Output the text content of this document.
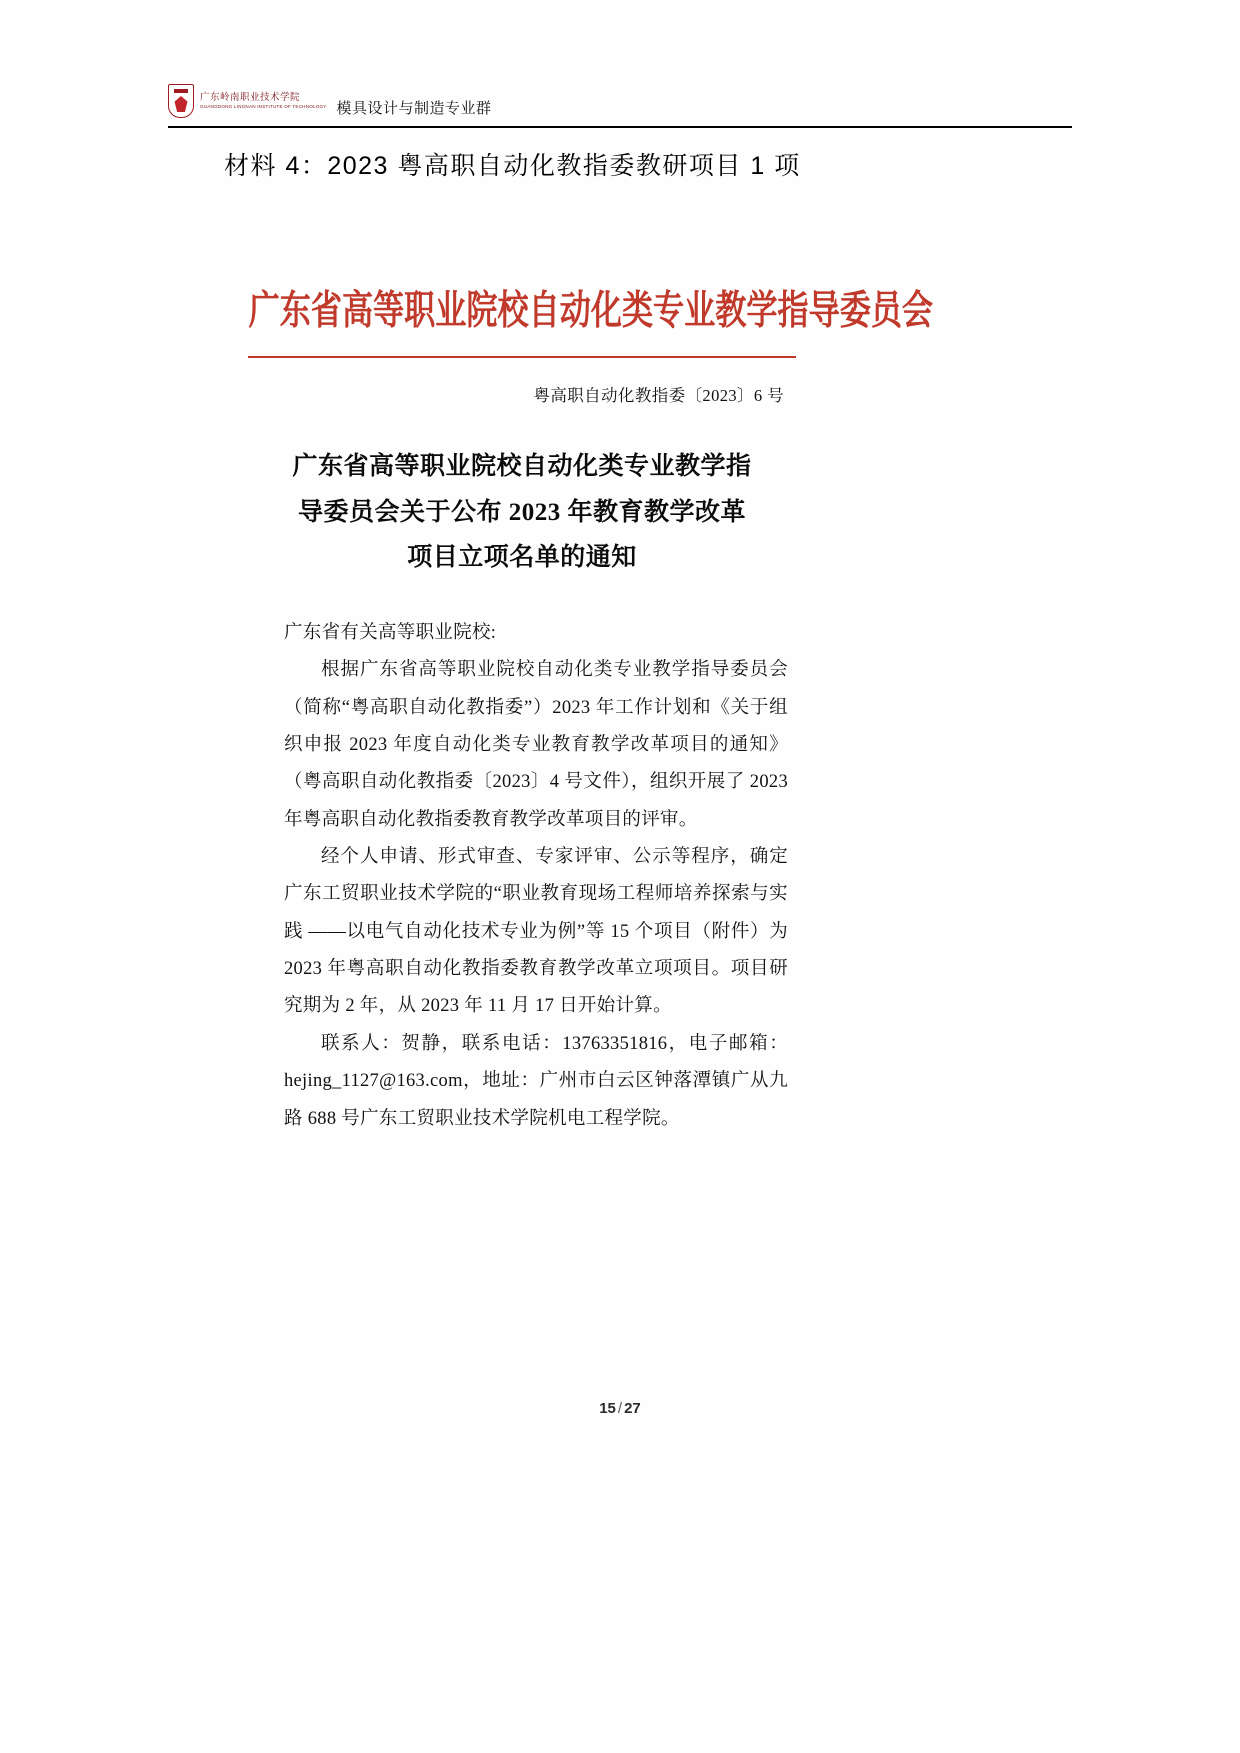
广东岭南职业技术学院
GUANGDONG LINGNAN INSTITUTE OF TECHNOLOGY 模具设计与制造专业群
材料 4：2023 粤高职自动化教指委教研项目 1 项
广东省高等职业院校自动化类专业教学指导委员会
粤高职自动化教指委〔2023〕6 号
广东省高等职业院校自动化类专业教学指
导委员会关于公布 2023 年教育教学改革
项目立项名单的通知

广东省有关高等职业院校:

根据广东省高等职业院校自动化类专业教学指导委员会（简称“粤高职自动化教指委”）2023 年工作计划和《关于组织申报 2023 年度自动化类专业教育教学改革项目的通知》（粤高职自动化教指委〔2023〕4 号文件），组织开展了 2023 年粤高职自动化教指委教育教学改革项目的评审。

经个人申请、形式审查、专家评审、公示等程序，确定广东工贸职业技术学院的“职业教育现场工程师培养探索与实践 ——以电气自动化技术专业为例”等 15 个项目（附件）为 2023 年粤高职自动化教指委教育教学改革立项项目。项目研究期为 2 年，从 2023 年 11 月 17 日开始计算。

联系人：贺静，联系电话：13763351816，电子邮箱：hejing_1127@163.com，地址：广州市白云区钟落潭镇广从九路 688 号广东工贸职业技术学院机电工程学院。

15 / 27
